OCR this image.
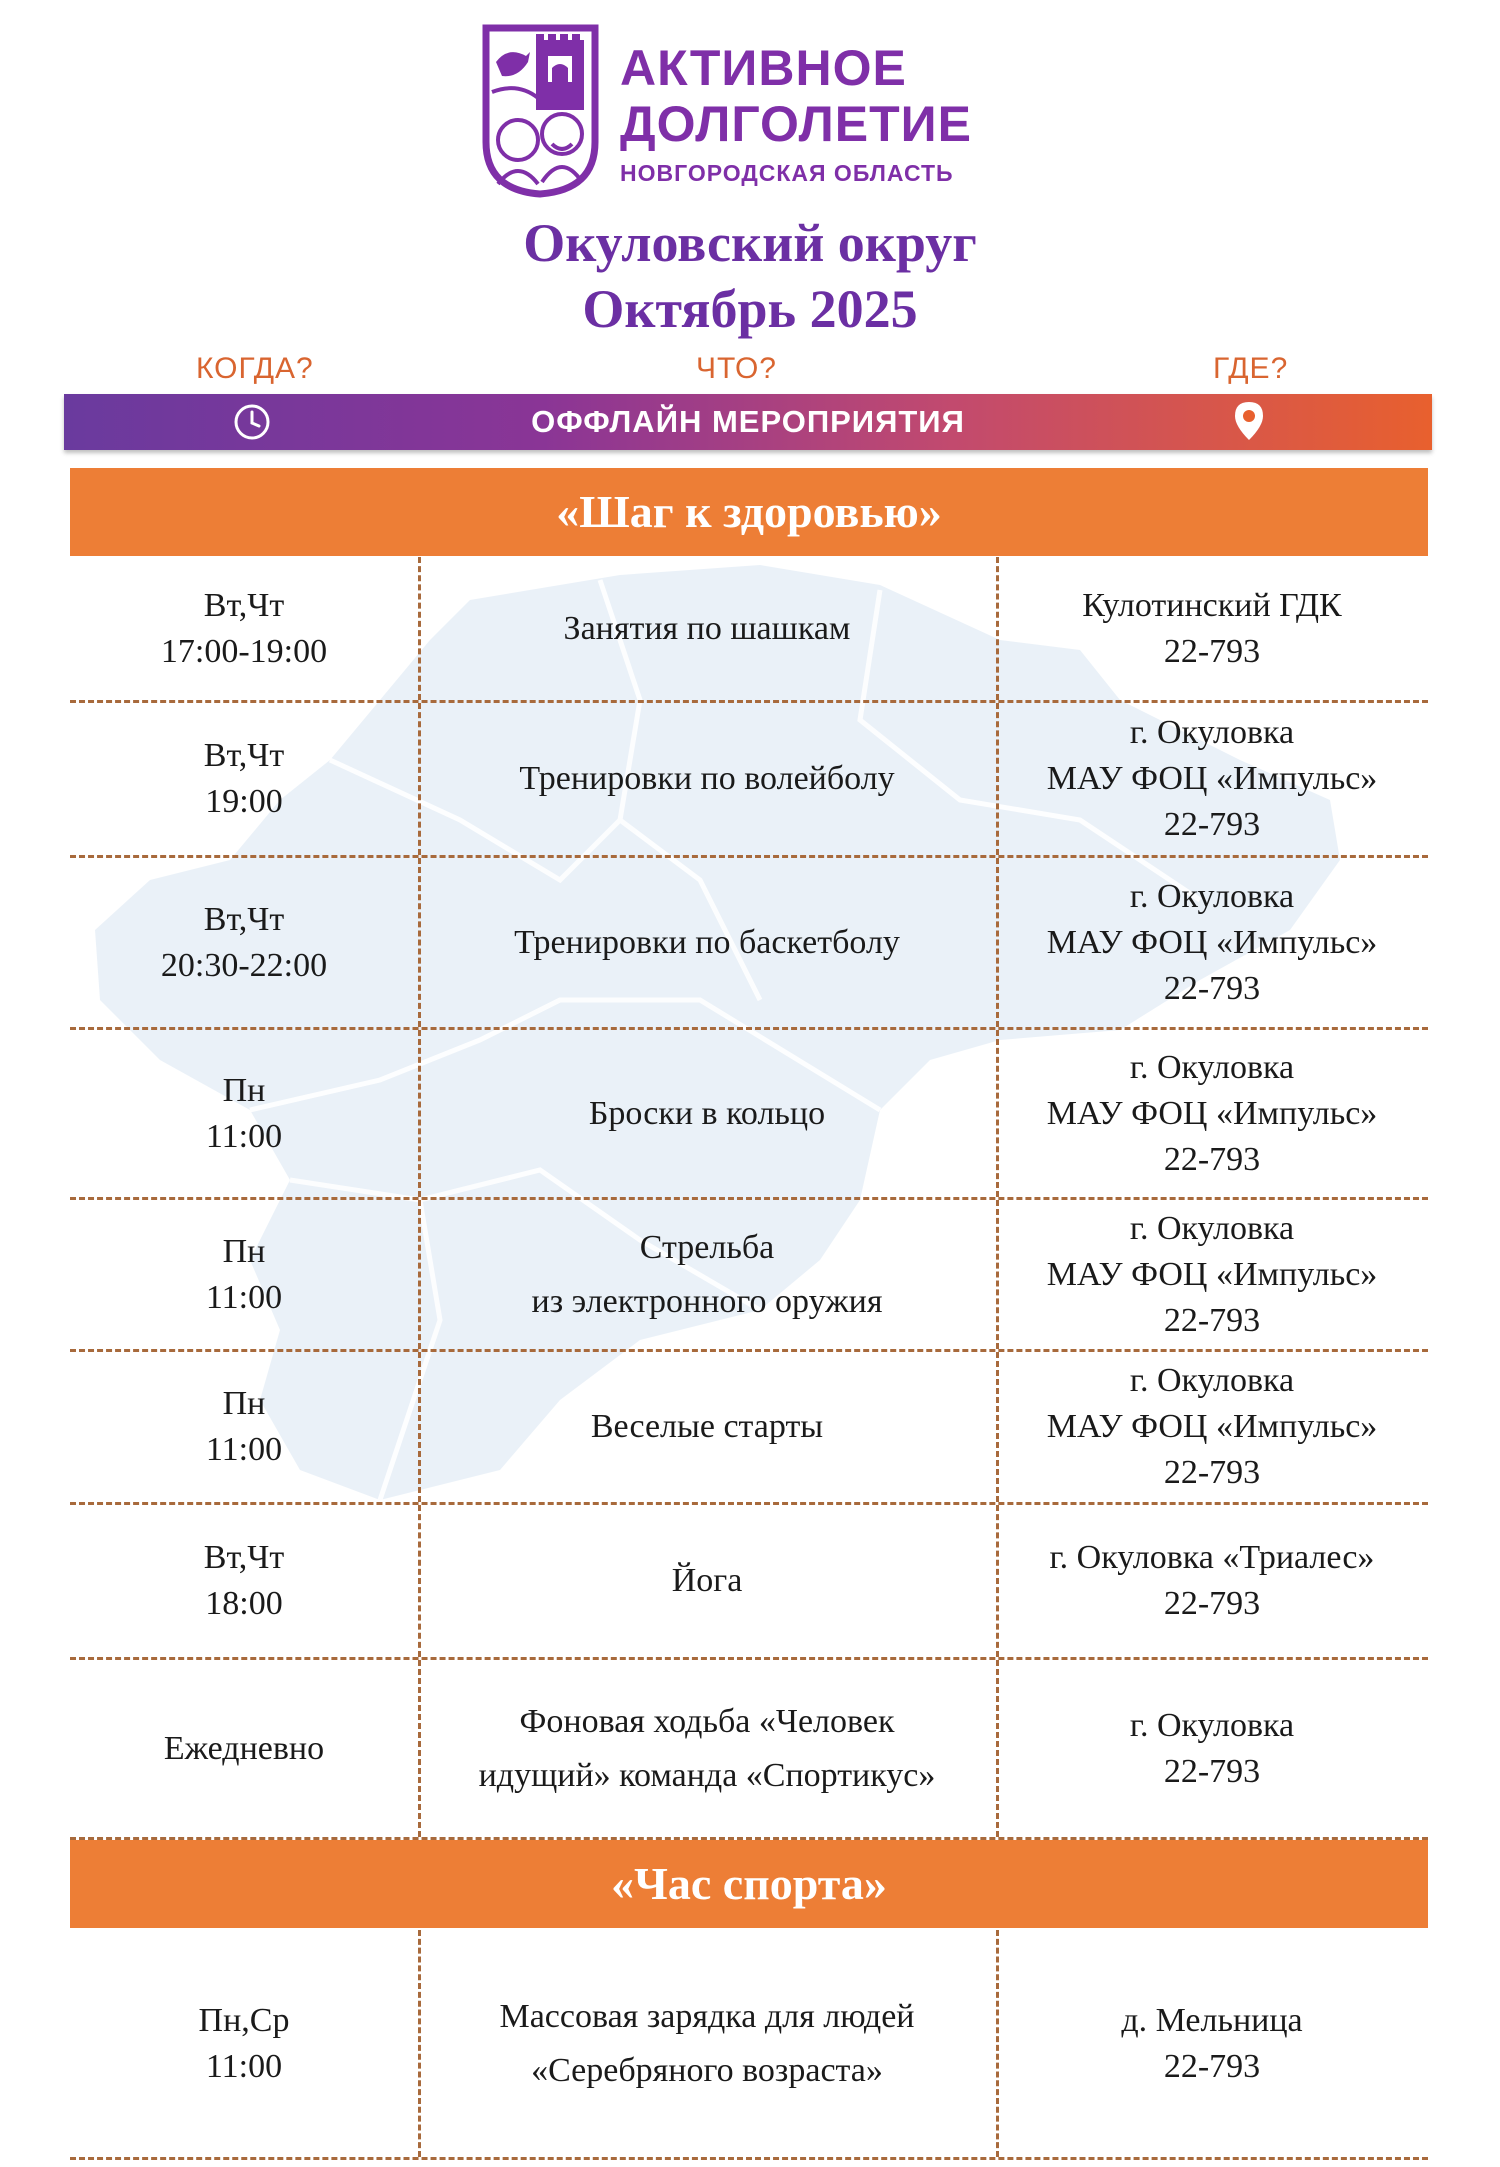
АКТИВНОЕ
ДОЛГОЛЕТИЕ
НОВГОРОДСКАЯ ОБЛАСТЬ
Окуловский округ
Октябрь 2025
КОГДА?	ЧТО?	ГДЕ?
ОФФЛАЙН МЕРОПРИЯТИЯ
«Шаг к здоровью»
Вт,Чт
17:00-19:00
Занятия по шашкам
Кулотинский ГДК
22-793
Вт,Чт
19:00
Тренировки по волейболу
г. Окуловка
МАУ ФОЦ «Импульс»
22-793
Вт,Чт
20:30-22:00
Тренировки по баскетболу
г. Окуловка
МАУ ФОЦ «Импульс»
22-793
Пн
11:00
Броски в кольцо
г. Окуловка
МАУ ФОЦ «Импульс»
22-793
Пн
11:00
Стрельба
из электронного оружия
г. Окуловка
МАУ ФОЦ «Импульс»
22-793
Пн
11:00
Веселые старты
г. Окуловка
МАУ ФОЦ «Импульс»
22-793
Вт,Чт
18:00
Йога
г. Окуловка «Триалес»
22-793
Ежедневно
Фоновая ходьба «Человек
идущий» команда «Спортикус»
г. Окуловка
22-793
«Час спорта»
Пн,Ср
11:00
Массовая зарядка для людей
«Серебряного возраста»
д. Мельница
22-793
